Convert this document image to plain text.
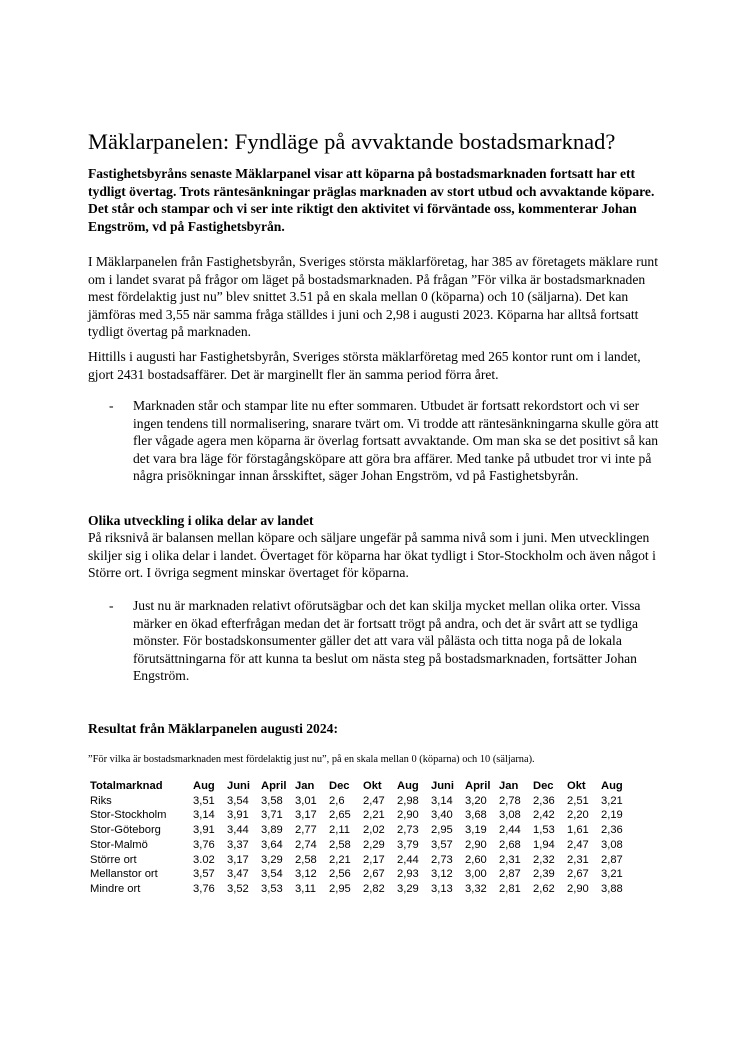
Mäklarpanelen: Fyndläge på avvaktande bostadsmarknad?
Fastighetsbyråns senaste Mäklarpanel visar att köparna på bostadsmarknaden fortsatt har ett tydligt övertag. Trots räntesänkningar präglas marknaden av stort utbud och avvaktande köpare. Det står och stampar och vi ser inte riktigt den aktivitet vi förväntade oss, kommenterar Johan Engström, vd på Fastighetsbyrån.
I Mäklarpanelen från Fastighetsbyrån, Sveriges största mäklarföretag, har 385 av företagets mäklare runt om i landet svarat på frågor om läget på bostadsmarknaden. På frågan ”För vilka är bostadsmarknaden mest fördelaktig just nu” blev snittet 3.51 på en skala mellan 0 (köparna) och 10 (säljarna). Det kan jämföras med 3,55 när samma fråga ställdes i juni och 2,98 i augusti 2023. Köparna har alltså fortsatt tydligt övertag på marknaden.
Hittills i augusti har Fastighetsbyrån, Sveriges största mäklarföretag med 265 kontor runt om i landet, gjort 2431 bostadsaffärer. Det är marginellt fler än samma period förra året.
- Marknaden står och stampar lite nu efter sommaren. Utbudet är fortsatt rekordstort och vi ser ingen tendens till normalisering, snarare tvärt om. Vi trodde att räntesänkningarna skulle göra att fler vågade agera men köparna är överlag fortsatt avvaktande. Om man ska se det positivt så kan det vara bra läge för förstagångsköpare att göra bra affärer. Med tanke på utbudet tror vi inte på några prisökningar innan årsskiftet, säger Johan Engström, vd på Fastighetsbyrån.
Olika utveckling i olika delar av landet
På riksnivå är balansen mellan köpare och säljare ungefär på samma nivå som i juni. Men utvecklingen skiljer sig i olika delar i landet. Övertaget för köparna har ökat tydligt i Stor-Stockholm och även något i Större ort. I övriga segment minskar övertaget för köparna.
- Just nu är marknaden relativt oförutsägbar och det kan skilja mycket mellan olika orter. Vissa märker en ökad efterfrågan medan det är fortsatt trögt på andra, och det är svårt att se tydliga mönster. För bostadskonsumenter gäller det att vara väl pålästa och titta noga på de lokala förutsättningarna för att kunna ta beslut om nästa steg på bostadsmarknaden, fortsätter Johan Engström.
Resultat från Mäklarpanelen augusti 2024:
”För vilka är bostadsmarknaden mest fördelaktig just nu”, på en skala mellan 0 (köparna) och 10 (säljarna).
Totalmarknad	Aug	Juni	April	Jan	Dec	Okt	Aug	Juni	April	Jan	Dec	Okt	Aug
Riks	3,51	3,54	3,58	3,01	2,6	2,47	2,98	3,14	3,20	2,78	2,36	2,51	3,21
Stor-Stockholm	3,14	3,91	3,71	3,17	2,65	2,21	2,90	3,40	3,68	3,08	2,42	2,20	2,19
Stor-Göteborg	3,91	3,44	3,89	2,77	2,11	2,02	2,73	2,95	3,19	2,44	1,53	1,61	2,36
Stor-Malmö	3,76	3,37	3,64	2,74	2,58	2,29	3,79	3,57	2,90	2,68	1,94	2,47	3,08
Större ort	3.02	3,17	3,29	2,58	2,21	2,17	2,44	2,73	2,60	2,31	2,32	2,31	2,87
Mellanstor ort	3,57	3,47	3,54	3,12	2,56	2,67	2,93	3,12	3,00	2,87	2,39	2,67	3,21
Mindre ort	3,76	3,52	3,53	3,11	2,95	2,82	3,29	3,13	3,32	2,81	2,62	2,90	3,88
